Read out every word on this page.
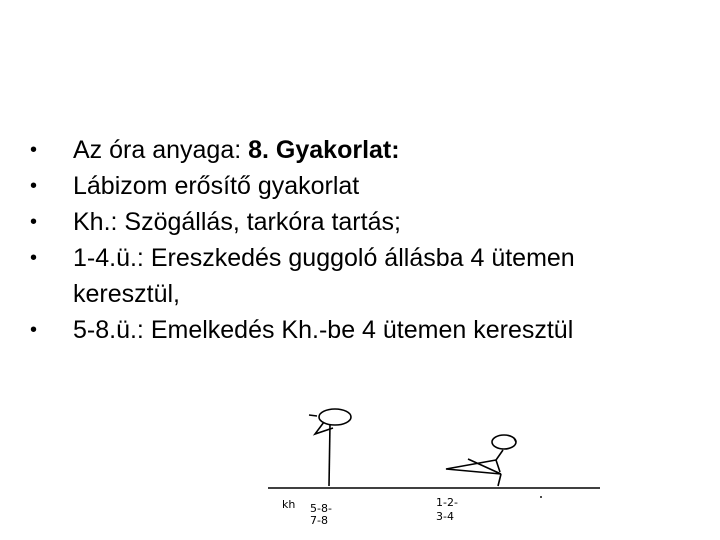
• Az óra anyaga: 8. Gyakorlat:
• Lábizom erősítő gyakorlat
• Kh.: Szögállás, tarkóra tartás;
• 1-4.ü.: Ereszkedés guggoló állásba 4 ütemen keresztül,
• 5-8.ü.: Emelkedés Kh.-be 4 ütemen keresztül
kh 5-8-
7-8
1-2-
3-4
